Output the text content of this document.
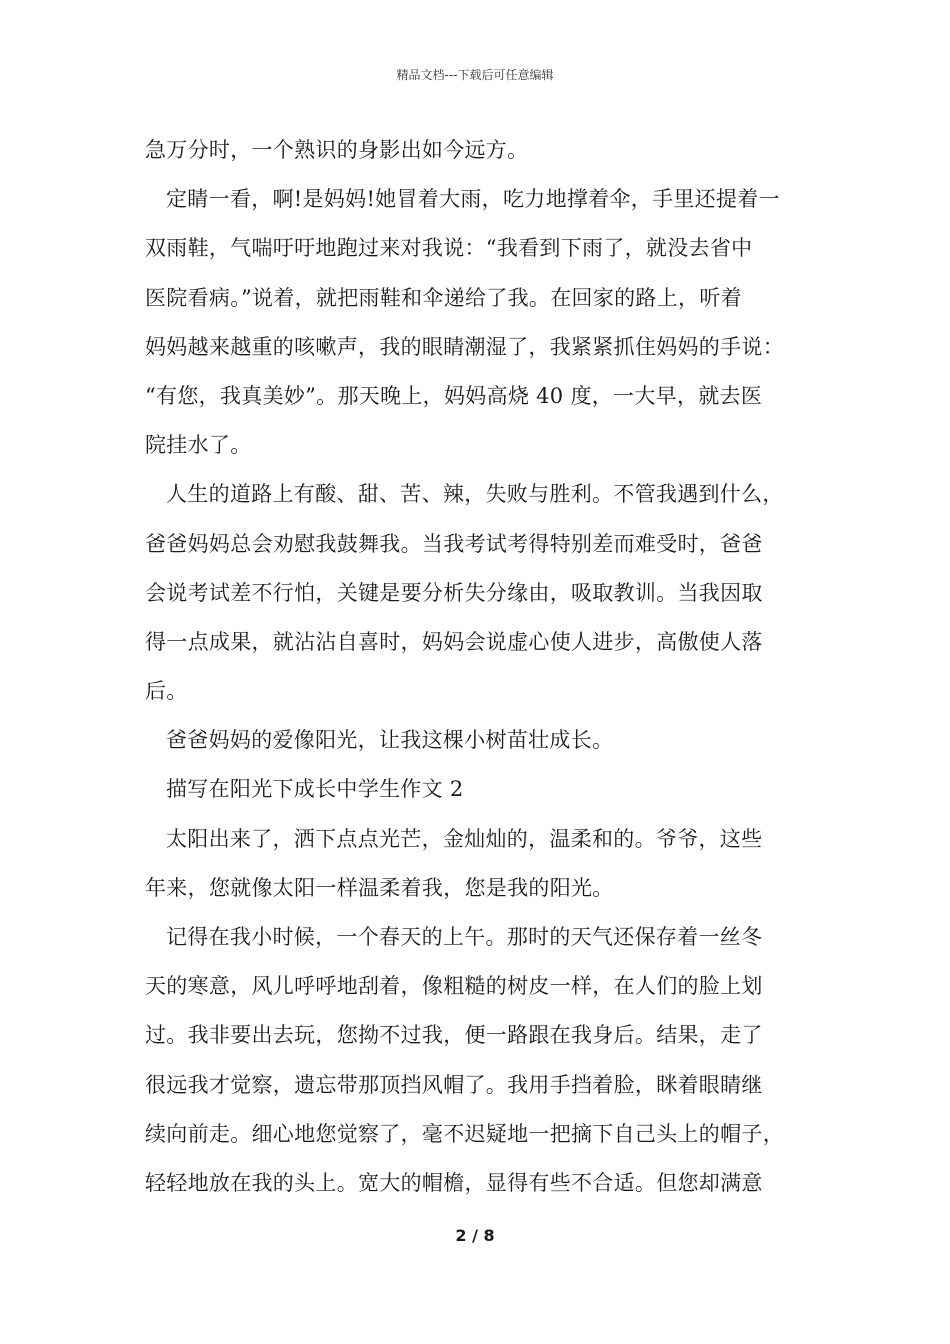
精品文档---下载后可任意编辑
急万分时，一个熟识的身影出如今远方。
定睛一看，啊!是妈妈!她冒着大雨，吃力地撑着伞，手里还提着一
双雨鞋，气喘吁吁地跑过来对我说：“我看到下雨了，就没去省中
医院看病。”说着，就把雨鞋和伞递给了我。在回家的路上，听着
妈妈越来越重的咳嗽声，我的眼睛潮湿了，我紧紧抓住妈妈的手说：
“有您，我真美妙”。那天晚上，妈妈高烧 40 度，一大早，就去医
院挂水了。
人生的道路上有酸、甜、苦、辣，失败与胜利。不管我遇到什么，
爸爸妈妈总会劝慰我鼓舞我。当我考试考得特别差而难受时，爸爸
会说考试差不行怕，关键是要分析失分缘由，吸取教训。当我因取
得一点成果，就沾沾自喜时，妈妈会说虚心使人进步，高傲使人落
后。
爸爸妈妈的爱像阳光，让我这棵小树苗壮成长。
描写在阳光下成长中学生作文 2
太阳出来了，洒下点点光芒，金灿灿的，温柔和的。爷爷，这些
年来，您就像太阳一样温柔着我，您是我的阳光。
记得在我小时候，一个春天的上午。那时的天气还保存着一丝冬
天的寒意，风儿呼呼地刮着，像粗糙的树皮一样，在人们的脸上划
过。我非要出去玩，您拗不过我，便一路跟在我身后。结果，走了
很远我才觉察，遗忘带那顶挡风帽了。我用手挡着脸，眯着眼睛继
续向前走。细心地您觉察了，毫不迟疑地一把摘下自己头上的帽子，
轻轻地放在我的头上。宽大的帽檐，显得有些不合适。但您却满意
2 / 8
